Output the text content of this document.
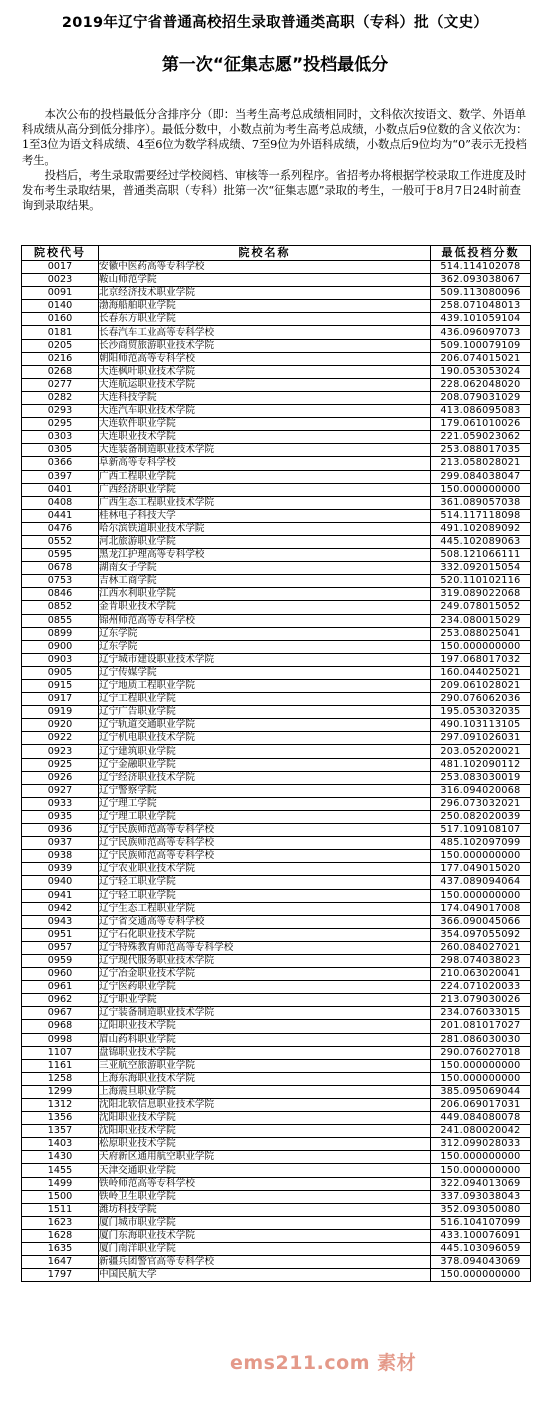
2019年辽宁省普通高校招生录取普通类高职（专科）批（文史）
第一次“征集志愿”投档最低分

本次公布的投档最低分含排序分（即：当考生高考总成绩相同时，文科依次按语文、数学、外语单科成绩从高分到低分排序）。最低分数中，小数点前为考生高考总成绩，小数点后9位数的含义依次为： 1至3位为语文科成绩、4至6位为数学科成绩、7至9位为外语科成绩，小数点后9位均为“0”表示无投档考生。

投档后，考生录取需要经过学校阅档、审核等一系列程序。省招考办将根据学校录取工作进度及时发布考生录取结果，普通类高职（专科）批第一次“征集志愿”录取的考生，一般可于8月7日24时前查询到录取结果。

院校代号	院校名称	最低投档分数
0017	安徽中医药高等专科学校	514.114102078
0023	鞍山师范学院	362.093038067
0091	北京经济技术职业学院	509.113080096
0140	渤海船舶职业学院	258.071048013
0160	长春东方职业学院	439.101059104
0181	长春汽车工业高等专科学校	436.096097073
0205	长沙商贸旅游职业技术学院	509.100079109
0216	朝阳师范高等专科学校	206.074015021
0268	大连枫叶职业技术学院	190.053053024
0277	大连航运职业技术学院	228.062048020
0282	大连科技学院	208.079031029
0293	大连汽车职业技术学院	413.086095083
0295	大连软件职业学院	179.061010026
0303	大连职业技术学院	221.059023062
0305	大连装备制造职业技术学院	253.088017035
0366	阜新高等专科学校	213.058028021
0397	广西工程职业学院	299.084038047
0401	广西经济职业学院	150.000000000
0408	广西生态工程职业技术学院	361.089057038
0441	桂林电子科技大学	514.117118098
0476	哈尔滨铁道职业技术学院	491.102089092
0552	河北旅游职业学院	445.102089063
0595	黑龙江护理高等专科学校	508.121066111
0678	湖南女子学院	332.092015054
0753	吉林工商学院	520.110102116
0846	江西水利职业学院	319.089022068
0852	金肯职业技术学院	249.078015052
0855	锦州师范高等专科学校	234.080015029
0899	辽东学院	253.088025041
0900	辽东学院	150.000000000
0903	辽宁城市建设职业技术学院	197.068017032
0905	辽宁传媒学院	160.044025021
0915	辽宁地质工程职业学院	209.061028021
0917	辽宁工程职业学院	290.076062036
0919	辽宁广告职业学院	195.053032035
0920	辽宁轨道交通职业学院	490.103113105
0922	辽宁机电职业技术学院	297.091026031
0923	辽宁建筑职业学院	203.052020021
0925	辽宁金融职业学院	481.102090112
0926	辽宁经济职业技术学院	253.083030019
0927	辽宁警察学院	316.094020068
0933	辽宁理工学院	296.073032021
0935	辽宁理工职业学院	250.082020039
0936	辽宁民族师范高等专科学校	517.109108107
0937	辽宁民族师范高等专科学校	485.102097099
0938	辽宁民族师范高等专科学校	150.000000000
0939	辽宁农业职业技术学院	177.049015020
0940	辽宁轻工职业学院	437.089094064
0941	辽宁轻工职业学院	150.000000000
0942	辽宁生态工程职业学院	174.049017008
0943	辽宁省交通高等专科学校	366.090045066
0951	辽宁石化职业技术学院	354.097055092
0957	辽宁特殊教育师范高等专科学校	260.084027021
0959	辽宁现代服务职业技术学院	298.074038023
0960	辽宁冶金职业技术学院	210.063020041
0961	辽宁医药职业学院	224.071020033
0962	辽宁职业学院	213.079030026
0967	辽宁装备制造职业技术学院	234.076033015
0968	辽阳职业技术学院	201.081017027
0998	眉山药科职业学院	281.086030030
1107	盘锦职业技术学院	290.076027018
1161	三亚航空旅游职业学院	150.000000000
1258	上海东海职业技术学院	150.000000000
1299	上海震旦职业学院	385.095069044
1312	沈阳北软信息职业技术学院	206.069017031
1356	沈阳职业技术学院	449.084080078
1357	沈阳职业技术学院	241.080020042
1403	松原职业技术学院	312.099028033
1430	天府新区通用航空职业学院	150.000000000
1455	天津交通职业学院	150.000000000
1499	铁岭师范高等专科学校	322.094013069
1500	铁岭卫生职业学院	337.093038043
1511	潍坊科技学院	352.093050080
1623	厦门城市职业学院	516.104107099
1628	厦门东海职业技术学院	433.100076091
1635	厦门南洋职业学院	445.103096059
1647	新疆兵团警官高等专科学校	378.094043069
1797	中国民航大学	150.000000000
ems211.com 素材
